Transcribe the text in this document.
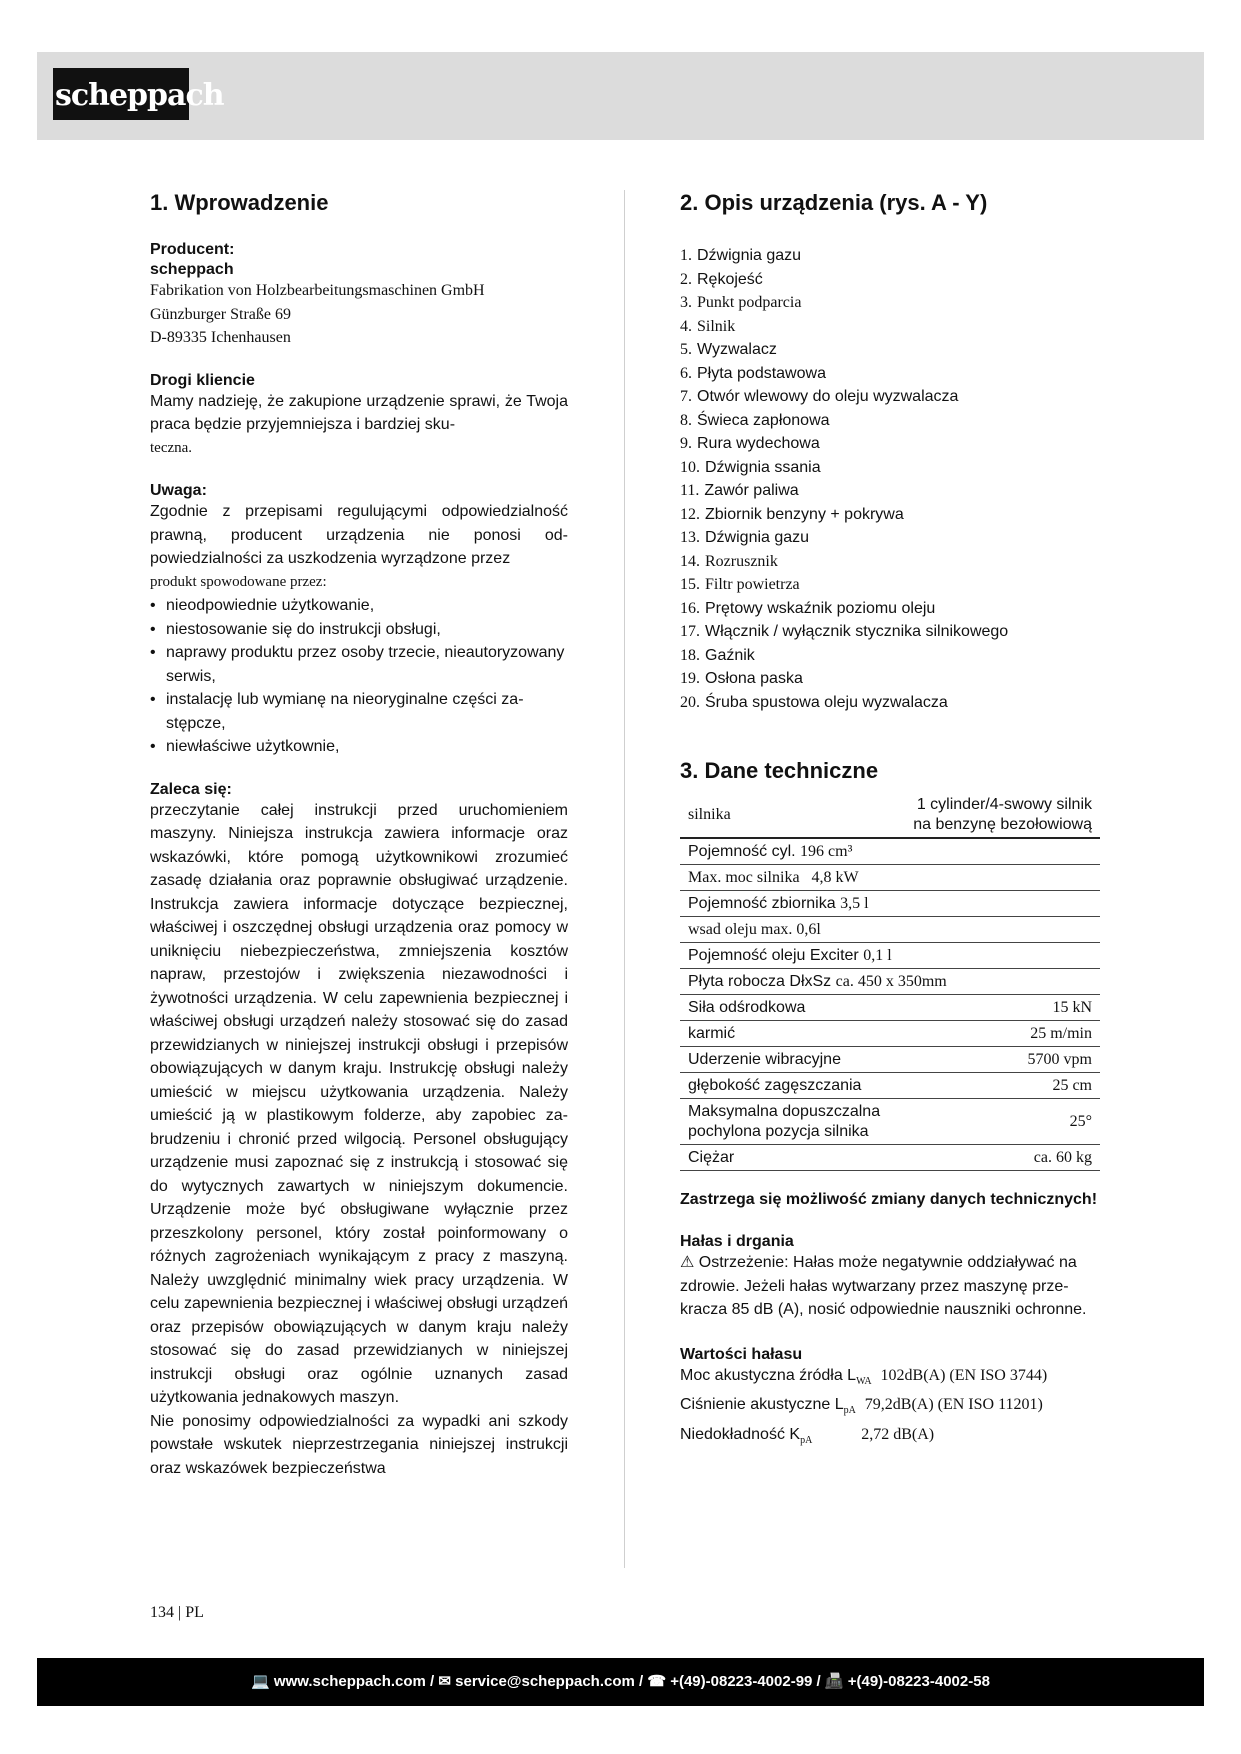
scheppach
1. Wprowadzenie
Producent:
scheppach
Fabrikation von Holzbearbeitungsmaschinen GmbH
Günzburger Straße 69
D-89335 Ichenhausen
Drogi kliencie
Mamy nadzieję, że zakupione urządzenie sprawi, że Twoja praca będzie przyjemniejsza i bardziej sku-
teczna.
Uwaga:
Zgodnie z przepisami regulującymi odpowiedzialność prawną, producent urządzenia nie ponosi odpowiedzialności za uszkodzenia wyrządzone przez
produkt spowodowane przez:
• nieodpowiednie użytkowanie,
• niestosowanie się do instrukcji obsługi,
• naprawy produktu przez osoby trzecie, nieautoryzowany serwis,
• instalację lub wymianę na nieoryginalne części zastępcze,
• niewłaściwe użytkownie,
Zaleca się:
przeczytanie całej instrukcji przed uruchomieniem maszyny. Niniejsza instrukcja zawiera informacje oraz wskazówki, które pomogą użytkownikowi zrozumieć zasadę działania oraz poprawnie obsługiwać urządzenie. Instrukcja zawiera informacje dotyczące bezpiecznej, właściwej i oszczędnej obsługi urządzenia oraz pomocy w uniknięciu niebezpieczeństwa, zmniejszenia kosztów napraw, przestojów i zwiększenia niezawodności i żywotności urządzenia. W celu zapewnienia bezpiecznej i właściwej obsługi urządzeń należy stosować się do zasad przewidzianych w niniejszej instrukcji obsługi i przepisów obowiązujących w danym kraju. Instrukcję obsługi należy umieścić w miejscu użytkowania urządzenia. Należy umieścić ją w plastikowym folderze, aby zapobiec zabrudzeniu i chronić przed wilgocią. Personel obsługujący urządzenie musi zapoznać się z instrukcją i stosować się do wytycznych zawartych w niniejszym dokumencie. Urządzenie może być obsługiwane wyłącznie przez przeszkolony personel, który został poinformowany o różnych zagrożeniach wynikającym z pracy z maszyną. Należy uwzględnić minimalny wiek pracy urządzenia. W celu zapewnienia bezpiecznej i właściwej obsługi urządzeń oraz przepisów obowiązujących w danym kraju należy stosować się do zasad przewidzianych w niniejszej instrukcji obsługi oraz ogólnie uznanych zasad użytkowania jednakowych maszyn.
Nie ponosimy odpowiedzialności za wypadki ani szkody powstałe wskutek nieprzestrzegania niniejszej instrukcji oraz wskazówek bezpieczeństwa
2. Opis urządzenia (rys. A - Y)
1. Dźwignia gazu
2. Rękojeść
3. Punkt podparcia
4. Silnik
5. Wyzwalacz
6. Płyta podstawowa
7. Otwór wlewowy do oleju wyzwalacza
8. Świeca zapłonowa
9. Rura wydechowa
10. Dźwignia ssania
11. Zawór paliwa
12. Zbiornik benzyny + pokrywa
13. Dźwignia gazu
14. Rozrusznik
15. Filtr powietrza
16. Prętowy wskaźnik poziomu oleju
17. Włącznik / wyłącznik stycznika silnikowego
18. Gaźnik
19. Osłona paska
20. Śruba spustowa oleju wyzwalacza
3. Dane techniczne
silnika	1 cylinder/4-swowy silnik na benzynę bezołowiową
Pojemność cyl. 196 cm³	
Max. moc silnika 4,8 kW	
Pojemność zbiornika 3,5 l	
wsad oleju max. 0,6l	
Pojemność oleju Exciter 0,1 l	
Płyta robocza DłxSz ca. 450 x 350mm	
Siła odśrodkowa	15 kN
karmić	25 m/min
Uderzenie wibracyjne	5700 vpm
głębokość zagęszczania	25 cm
Maksymalna dopuszczalna pochylona pozycja silnika	25°
Ciężar	ca. 60 kg
Zastrzega się możliwość zmiany danych technicznych!
Hałas i drgania
⚠ Ostrzeżenie: Hałas może negatywnie oddziaływać na zdrowie. Jeżeli hałas wytwarzany przez maszynę przekracza 85 dB (A), nosić odpowiednie nauszniki ochronne.
Wartości hałasu
Moc akustyczna źródła $L_{WA}$ 102dB(A) (EN ISO 3744)
Ciśnienie akustyczne $L_{pA}$ 79,2dB(A) (EN ISO 11201)
Niedokładność $K_{pA}$	2,72 dB(A)
134 | PL
💻 www.scheppach.com / ✉ service@scheppach.com / ☎ +(49)-08223-4002-99 / 📠 +(49)-08223-4002-58
